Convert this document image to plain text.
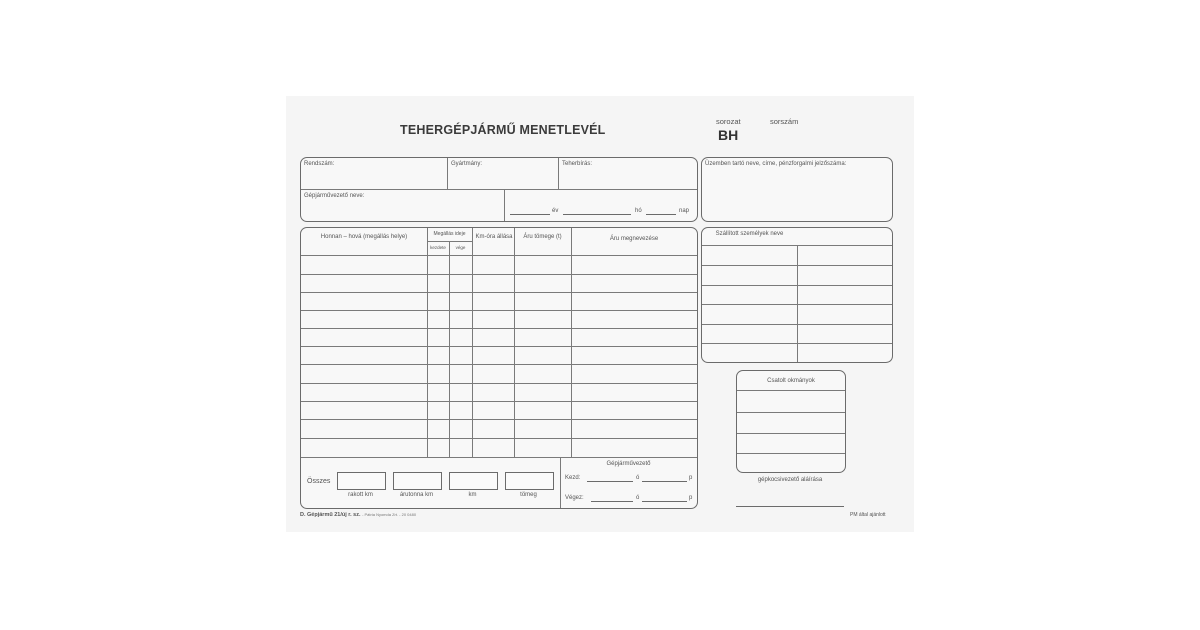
TEHERGÉPJÁRMŰ MENETLEVÉL
sorozat	sorszám
BH
Rendszám:	Gyártmány:	Teherbírás:
Gépjárművezető neve:
év	hó	nap
Üzemben tartó neve, címe, pénzforgalmi jelzőszáma:
Honnan – hová (megállás helye)	Megállás ideje
kezdete	vége
Km-óra állása	Áru tömege (t)	Áru megnevezése
Összes
rakott km	árutonna km	km	tömeg
Gépjárművezető
Kezd:	ó	p
Végez:	ó	p
Szállított személyek neve
Csatolt okmányok
gépkocsivezető aláírása
D. Gépjármű 21/új r. sz. - Pátria Nyomda Zrt. - 20 0480	PM által ajánlott
